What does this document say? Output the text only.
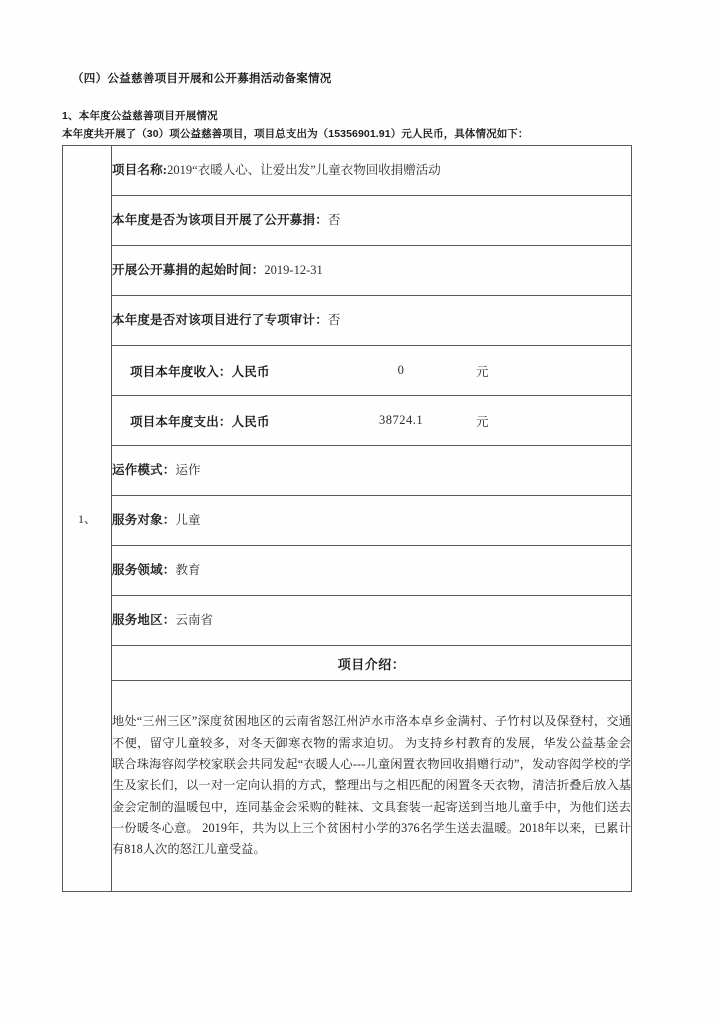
（四）公益慈善项目开展和公开募捐活动备案情况
1、本年度公益慈善项目开展情况
本年度共开展了（30）项公益慈善项目，项目总支出为（15356901.91）元人民币，具体情况如下：
1、	项目名称:2019“衣暖人心、让爱出发”儿童衣物回收捐赠活动
本年度是否为该项目开展了公开募捐：否
开展公开募捐的起始时间：2019-12-31
本年度是否对该项目进行了专项审计：否

项目本年度收入：人民币	0	元

项目本年度支出：人民币	38724.1	元

运作模式：运作
服务对象：儿童
服务领域：教育
服务地区：云南省
项目介绍：

地处“三州三区”深度贫困地区的云南省怒江州泸水市洛本卓乡金满村、子竹村以及保登村，交通不便，留守儿童较多，对冬天御寒衣物的需求迫切。 为支持乡村教育的发展，华发公益基金会联合珠海容闳学校家联会共同发起“衣暖人心---儿童闲置衣物回收捐赠行动”，发动容闳学校的学生及家长们，以一对一定向认捐的方式，整理出与之相匹配的闲置冬天衣物，清洁折叠后放入基金会定制的温暖包中，连同基金会采购的鞋袜、文具套装一起寄送到当地儿童手中，为他们送去一份暖冬心意。 2019年，共为以上三个贫困村小学的376名学生送去温暖。2018年以来，已累计有818人次的怒江儿童受益。
